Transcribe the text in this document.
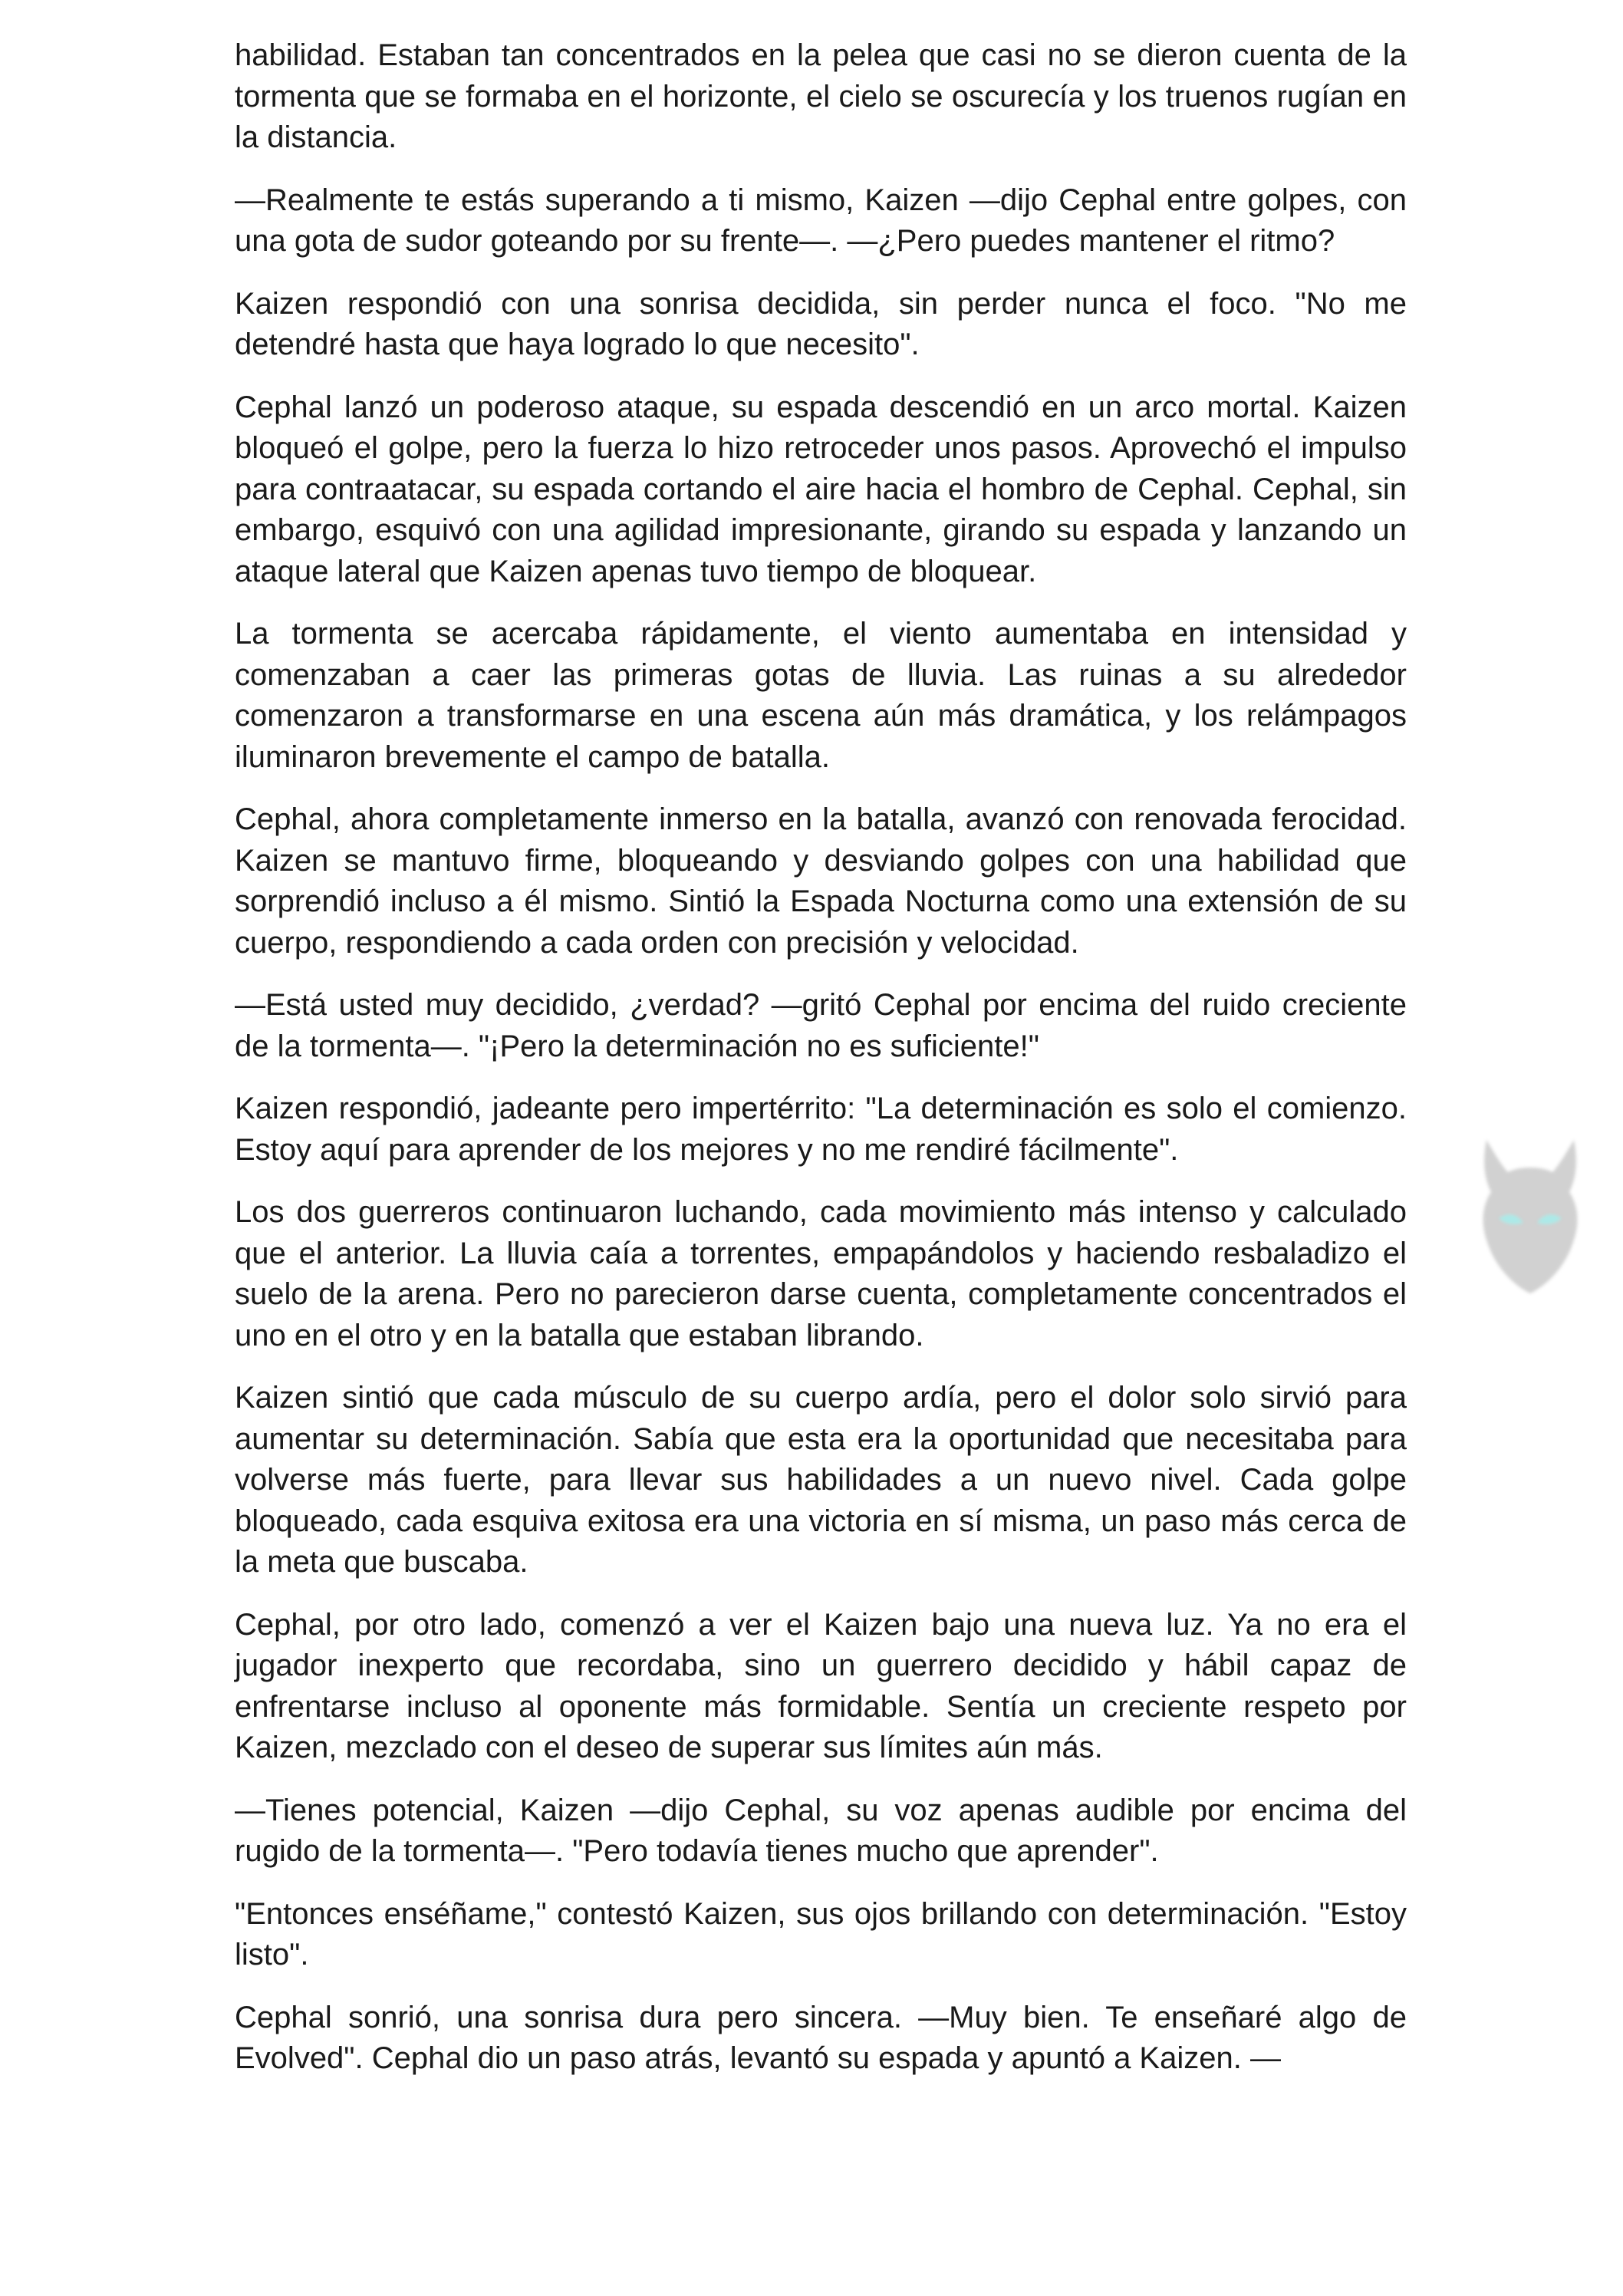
habilidad. Estaban tan concentrados en la pelea que casi no se dieron cuenta de la tormenta que se formaba en el horizonte, el cielo se oscurecía y los truenos rugían en la distancia.

—Realmente te estás superando a ti mismo, Kaizen —dijo Cephal entre golpes, con una gota de sudor goteando por su frente—. —¿Pero puedes mantener el ritmo?

Kaizen respondió con una sonrisa decidida, sin perder nunca el foco. "No me detendré hasta que haya logrado lo que necesito".

Cephal lanzó un poderoso ataque, su espada descendió en un arco mortal. Kaizen bloqueó el golpe, pero la fuerza lo hizo retroceder unos pasos. Aprovechó el impulso para contraatacar, su espada cortando el aire hacia el hombro de Cephal. Cephal, sin embargo, esquivó con una agilidad impresionante, girando su espada y lanzando un ataque lateral que Kaizen apenas tuvo tiempo de bloquear.

La tormenta se acercaba rápidamente, el viento aumentaba en intensidad y comenzaban a caer las primeras gotas de lluvia. Las ruinas a su alrededor comenzaron a transformarse en una escena aún más dramática, y los relámpagos iluminaron brevemente el campo de batalla.

Cephal, ahora completamente inmerso en la batalla, avanzó con renovada ferocidad. Kaizen se mantuvo firme, bloqueando y desviando golpes con una habilidad que sorprendió incluso a él mismo. Sintió la Espada Nocturna como una extensión de su cuerpo, respondiendo a cada orden con precisión y velocidad.

—Está usted muy decidido, ¿verdad? —gritó Cephal por encima del ruido creciente de la tormenta—. "¡Pero la determinación no es suficiente!"

Kaizen respondió, jadeante pero impertérrito: "La determinación es solo el comienzo. Estoy aquí para aprender de los mejores y no me rendiré fácilmente".

Los dos guerreros continuaron luchando, cada movimiento más intenso y calculado que el anterior. La lluvia caía a torrentes, empapándolos y haciendo resbaladizo el suelo de la arena. Pero no parecieron darse cuenta, completamente concentrados el uno en el otro y en la batalla que estaban librando.

Kaizen sintió que cada músculo de su cuerpo ardía, pero el dolor solo sirvió para aumentar su determinación. Sabía que esta era la oportunidad que necesitaba para volverse más fuerte, para llevar sus habilidades a un nuevo nivel. Cada golpe bloqueado, cada esquiva exitosa era una victoria en sí misma, un paso más cerca de la meta que buscaba.

Cephal, por otro lado, comenzó a ver el Kaizen bajo una nueva luz. Ya no era el jugador inexperto que recordaba, sino un guerrero decidido y hábil capaz de enfrentarse incluso al oponente más formidable. Sentía un creciente respeto por Kaizen, mezclado con el deseo de superar sus límites aún más.

—Tienes potencial, Kaizen —dijo Cephal, su voz apenas audible por encima del rugido de la tormenta—. "Pero todavía tienes mucho que aprender".

"Entonces enséñame," contestó Kaizen, sus ojos brillando con determinación. "Estoy listo".

Cephal sonrió, una sonrisa dura pero sincera. —Muy bien. Te enseñaré algo de Evolved". Cephal dio un paso atrás, levantó su espada y apuntó a Kaizen. —
